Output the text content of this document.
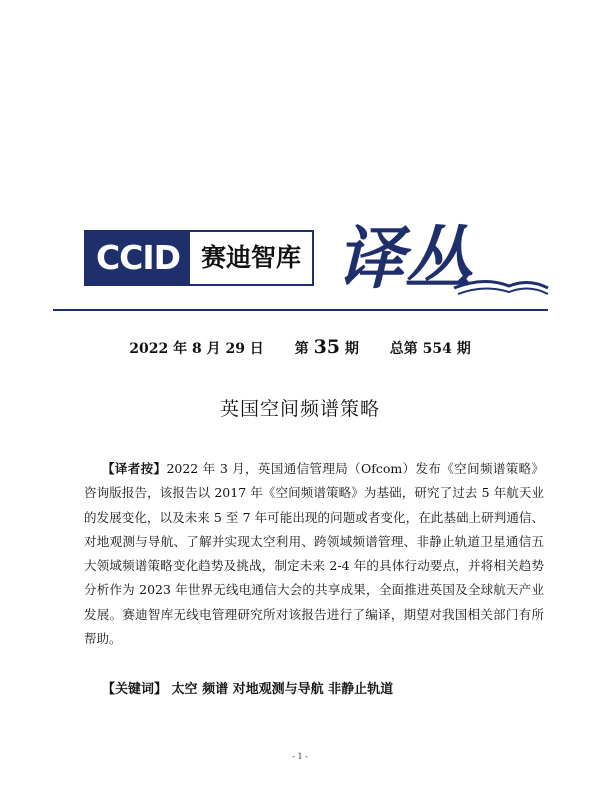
CCID 赛迪智库 译丛
2022 年 8 月 29 日 第 35 期 总第 554 期
英国空间频谱策略
【译者按】2022 年 3 月，英国通信管理局（Ofcom）发布《空间频谱策略》咨询版报告，该报告以 2017 年《空间频谱策略》为基础，研究了过去 5 年航天业的发展变化，以及未来 5 至 7 年可能出现的问题或者变化，在此基础上研判通信、对地观测与导航、了解并实现太空利用、跨领域频谱管理、非静止轨道卫星通信五大领域频谱策略变化趋势及挑战，制定未来 2-4 年的具体行动要点，并将相关趋势分析作为 2023 年世界无线电通信大会的共享成果，全面推进英国及全球航天产业发展。赛迪智库无线电管理研究所对该报告进行了编译，期望对我国相关部门有所帮助。
【关键词】 太空 频谱 对地观测与导航 非静止轨道
- 1 -
